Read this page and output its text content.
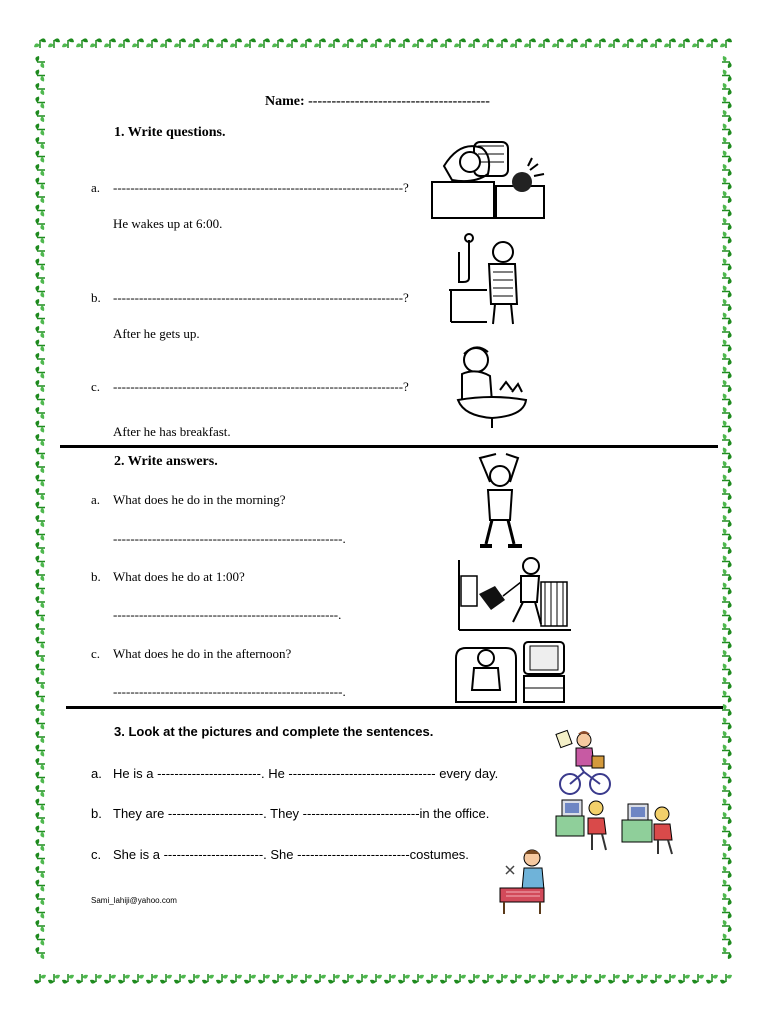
Name: ---------------------------------------
1. Write questions.
a. -------------------------------------------------------------------?
He wakes up at 6:00.
b. -------------------------------------------------------------------?
After he gets up.
c. -------------------------------------------------------------------?
After he has breakfast.
2. Write answers.
a. What does he do in the morning?
-----------------------------------------------------.
b. What does he do at 1:00?
----------------------------------------------------.
c. What does he do in the afternoon?
-----------------------------------------------------.
3. Look at the pictures and complete the sentences.
a. He is a ------------------------. He ---------------------------------- every day.
b. They are ----------------------. They ---------------------------in the office.
c. She is a -----------------------. She --------------------------costumes.
Sami_lahiji@yahoo.com
